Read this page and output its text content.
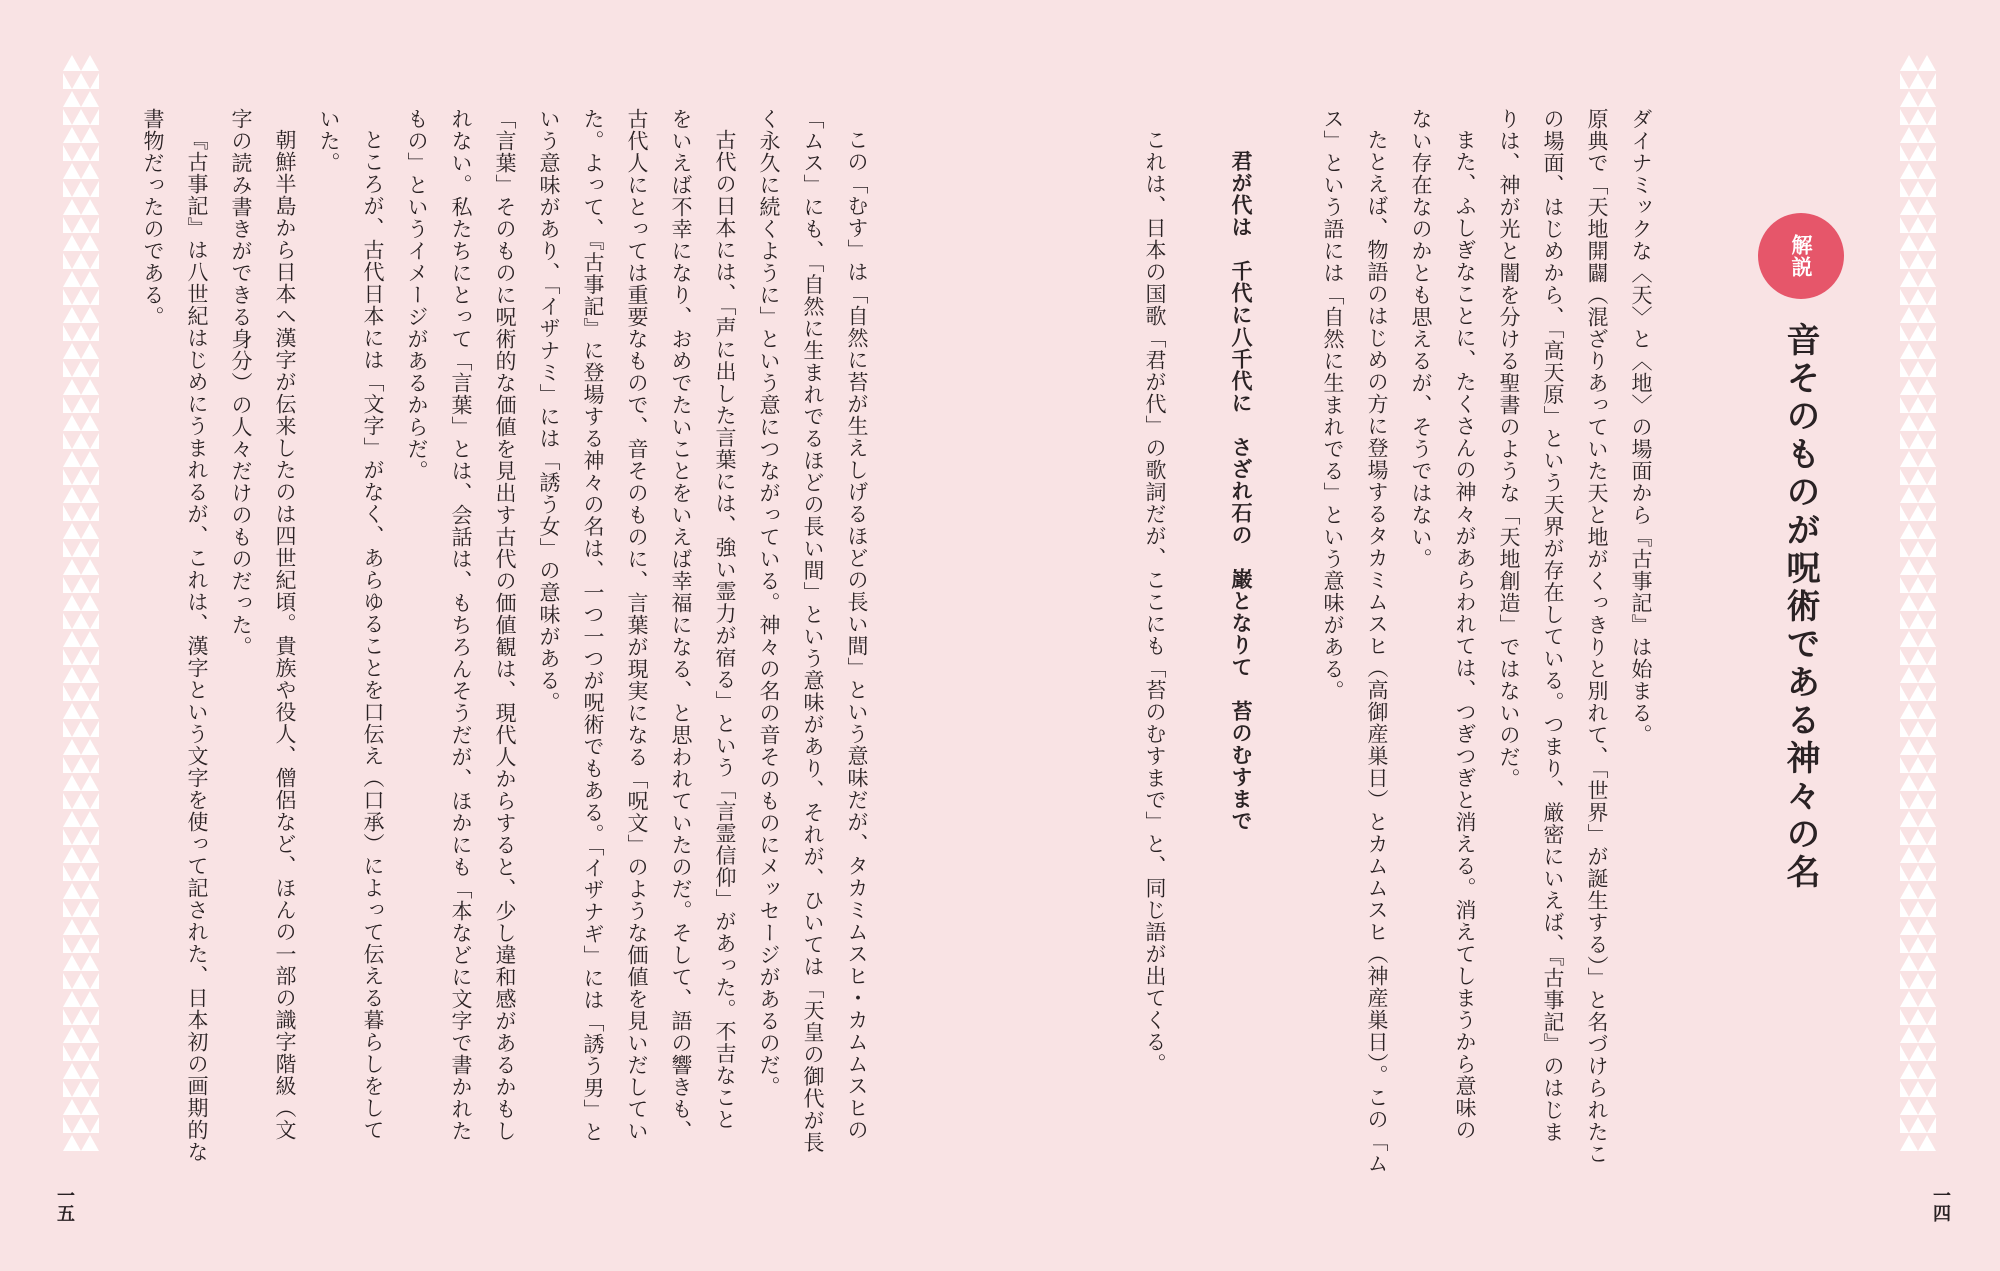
解説
音そのものが呪術である神々の名
ダイナミックな〈天〉と〈地〉の場面から『古事記』は始まる。
原典で「天地開闢（混ざりあっていた天と地がくっきりと別れて、「世界」が誕生する）」と名づけられたこ
の場面、はじめから、「高天原」という天界が存在している。つまり、厳密にいえば、『古事記』のはじま
りは、神が光と闇を分ける聖書のような「天地創造」ではないのだ。
また、ふしぎなことに、たくさんの神々があらわれては、つぎつぎと消える。消えてしまうから意味の
ない存在なのかとも思えるが、そうではない。
たとえば、物語のはじめの方に登場するタカミムスヒ（高御産巣日）とカムムスヒ（神産巣日）。この「ム
ス」という語には「自然に生まれでる」という意味がある。
君が代は　千代に八千代に　さざれ石の　巌となりて　苔のむすまで
これは、日本の国歌「君が代」の歌詞だが、ここにも「苔のむすまで」と、同じ語が出てくる。
この「むす」は「自然に苔が生えしげるほどの長い間」という意味だが、タカミムスヒ・カムムスヒの
「ムス」にも、「自然に生まれでるほどの長い間」という意味があり、それが、ひいては「天皇の御代が長
く永久に続くように」という意につながっている。神々の名の音そのものにメッセージがあるのだ。
古代の日本には、「声に出した言葉には、強い霊力が宿る」という「言霊信仰」があった。不吉なこと
をいえば不幸になり、おめでたいことをいえば幸福になる、と思われていたのだ。そして、語の響きも、
古代人にとっては重要なもので、音そのものに、言葉が現実になる「呪文」のような価値を見いだしてい
た。よって、『古事記』に登場する神々の名は、一つ一つが呪術でもある。「イザナギ」には「誘う男」と
いう意味があり、「イザナミ」には「誘う女」の意味がある。
「言葉」そのものに呪術的な価値を見出す古代の価値観は、現代人からすると、少し違和感があるかもし
れない。私たちにとって「言葉」とは、会話は、もちろんそうだが、ほかにも「本などに文字で書かれた
もの」というイメージがあるからだ。
ところが、古代日本には「文字」がなく、あらゆることを口伝え（口承）によって伝える暮らしをして
いた。
朝鮮半島から日本へ漢字が伝来したのは四世紀頃。貴族や役人、僧侶など、ほんの一部の識字階級（文
字の読み書きができる身分）の人々だけのものだった。
『古事記』は八世紀はじめにうまれるが、これは、漢字という文字を使って記された、日本初の画期的な
書物だったのである。
一五	一四
